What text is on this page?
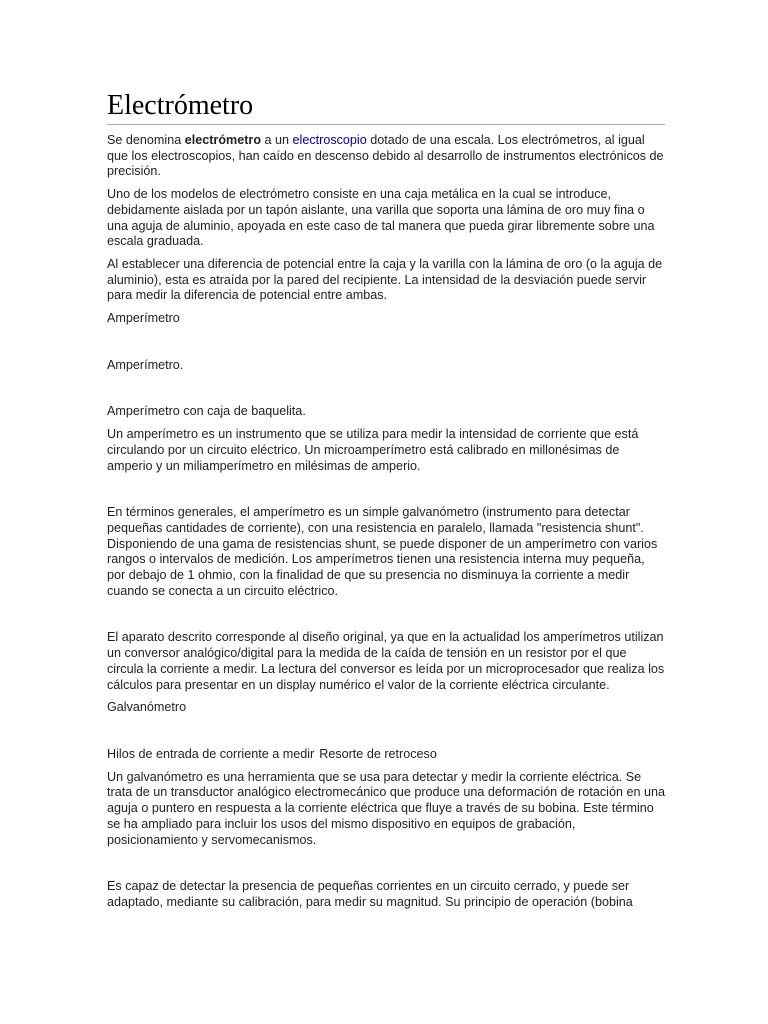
Electrómetro

Se denomina electrómetro a un electroscopio dotado de una escala. Los electrómetros, al igual que los electroscopios, han caído en descenso debido al desarrollo de instrumentos electrónicos de precisión.

Uno de los modelos de electrómetro consiste en una caja metálica en la cual se introduce, debidamente aislada por un tapón aislante, una varilla que soporta una lámina de oro muy fina o una aguja de aluminio, apoyada en este caso de tal manera que pueda girar libremente sobre una escala graduada.

Al establecer una diferencia de potencial entre la caja y la varilla con la lámina de oro (o la aguja de aluminio), esta es atraída por la pared del recipiente. La intensidad de la desviación puede servir para medir la diferencia de potencial entre ambas.

Amperímetro

Amperímetro.

Amperímetro con caja de baquelita.

Un amperímetro es un instrumento que se utiliza para medir la intensidad de corriente que está circulando por un circuito eléctrico. Un microamperímetro está calibrado en millonésimas de amperio y un miliamperímetro en milésimas de amperio.

En términos generales, el amperímetro es un simple galvanómetro (instrumento para detectar pequeñas cantidades de corriente), con una resistencia en paralelo, llamada "resistencia shunt". Disponiendo de una gama de resistencias shunt, se puede disponer de un amperímetro con varios rangos o intervalos de medición. Los amperímetros tienen una resistencia interna muy pequeña, por debajo de 1 ohmio, con la finalidad de que su presencia no disminuya la corriente a medir cuando se conecta a un circuito eléctrico.

El aparato descrito corresponde al diseño original, ya que en la actualidad los amperímetros utilizan un conversor analógico/digital para la medida de la caída de tensión en un resistor por el que circula la corriente a medir. La lectura del conversor es leída por un microprocesador que realiza los cálculos para presentar en un display numérico el valor de la corriente eléctrica circulante.

Galvanómetro

Hilos de entrada de corriente a medir Resorte de retroceso

Un galvanómetro es una herramienta que se usa para detectar y medir la corriente eléctrica. Se trata de un transductor analógico electromecánico que produce una deformación de rotación en una aguja o puntero en respuesta a la corriente eléctrica que fluye a través de su bobina. Este término se ha ampliado para incluir los usos del mismo dispositivo en equipos de grabación, posicionamiento y servomecanismos.

Es capaz de detectar la presencia de pequeñas corrientes en un circuito cerrado, y puede ser adaptado, mediante su calibración, para medir su magnitud. Su principio de operación (bobina
